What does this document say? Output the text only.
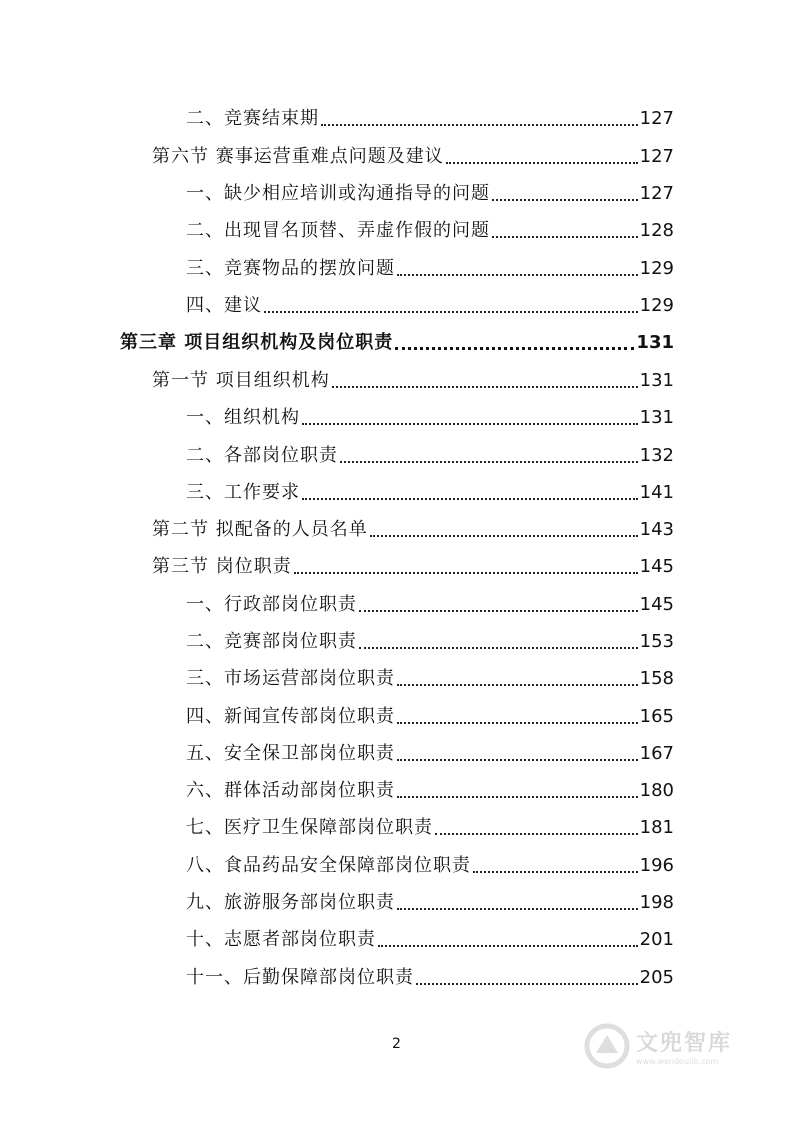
二、竞赛结束期	127
第六节 赛事运营重难点问题及建议	127
一、缺少相应培训或沟通指导的问题	127
二、出现冒名顶替、弄虚作假的问题	128
三、竞赛物品的摆放问题	129
四、建议	129
第三章 项目组织机构及岗位职责	131
第一节 项目组织机构	131
一、组织机构	131
二、各部岗位职责	132
三、工作要求	141
第二节 拟配备的人员名单	143
第三节 岗位职责	145
一、行政部岗位职责	145
二、竞赛部岗位职责	153
三、市场运营部岗位职责	158
四、新闻宣传部岗位职责	165
五、安全保卫部岗位职责	167
六、群体活动部岗位职责	180
七、医疗卫生保障部岗位职责	181
八、食品药品安全保障部岗位职责	196
九、旅游服务部岗位职责	198
十、志愿者部岗位职责	201
十一、后勤保障部岗位职责	205
2	文兜智库
www.wendoulib.com
